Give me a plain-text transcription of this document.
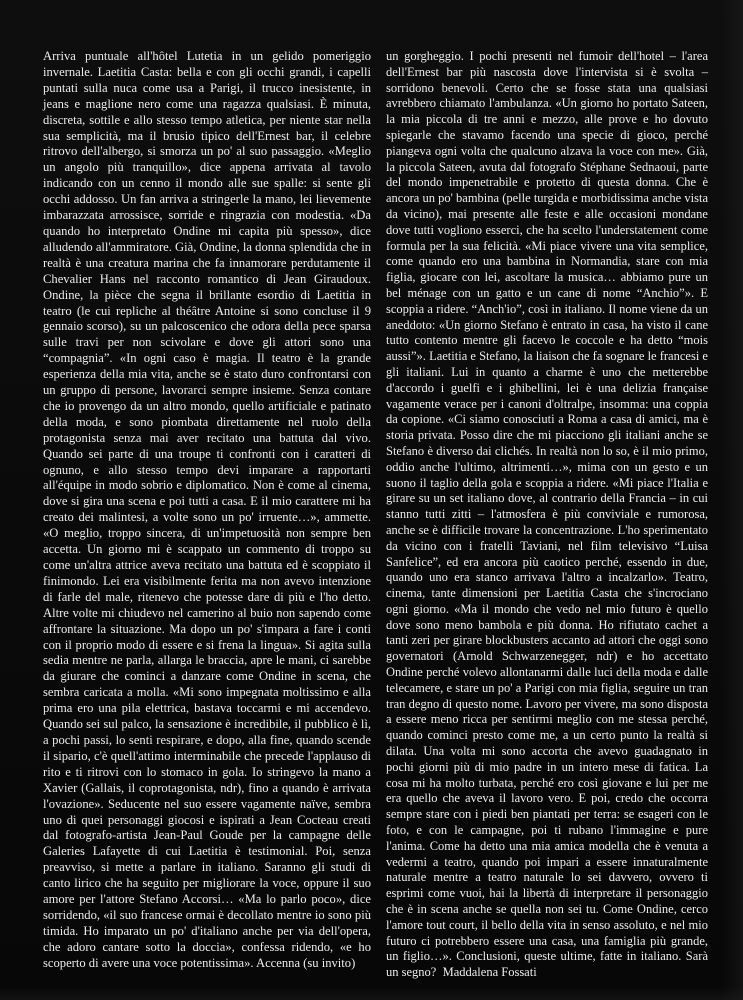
Arriva puntuale all'hôtel Lutetia in un gelido pomeriggio invernale. Laetitia Casta: bella e con gli occhi grandi, i capelli puntati sulla nuca come usa a Parigi, il trucco inesistente, in jeans e maglione nero come una ragazza qualsiasi. È minuta, discreta, sottile e allo stesso tempo atletica, per niente star nella sua semplicità, ma il brusio tipico dell'Ernest bar, il celebre ritrovo dell'albergo, si smorza un po' al suo passaggio. «Meglio un angolo più tranquillo», dice appena arrivata al tavolo indicando con un cenno il mondo alle sue spalle: si sente gli occhi addosso. Un fan arriva a stringerle la mano, lei lievemente imbarazzata arrossisce, sorride e ringrazia con modestia. «Da quando ho interpretato Ondine mi capita più spesso», dice alludendo all'ammiratore. Già, Ondine, la donna splendida che in realtà è una creatura marina che fa innamorare perdutamente il Chevalier Hans nel racconto romantico di Jean Giraudoux. Ondine, la pièce che segna il brillante esordio di Laetitia in teatro (le cui repliche al théâtre Antoine si sono concluse il 9 gennaio scorso), su un palcoscenico che odora della pece sparsa sulle travi per non scivolare e dove gli attori sono una “compagnia”. «In ogni caso è magia. Il teatro è la grande esperienza della mia vita, anche se è stato duro confrontarsi con un gruppo di persone, lavorarci sempre insieme. Senza contare che io provengo da un altro mondo, quello artificiale e patinato della moda, e sono piombata direttamente nel ruolo della protagonista senza mai aver recitato una battuta dal vivo. Quando sei parte di una troupe ti confronti con i caratteri di ognuno, e allo stesso tempo devi imparare a rapportarti all'équipe in modo sobrio e diplomatico. Non è come al cinema, dove si gira una scena e poi tutti a casa. E il mio carattere mi ha creato dei malintesi, a volte sono un po' irruente…», ammette. «O meglio, troppo sincera, di un'impetuosità non sempre ben accetta. Un giorno mi è scappato un commento di troppo su come un'altra attrice aveva recitato una battuta ed è scoppiato il finimondo. Lei era visibilmente ferita ma non avevo intenzione di farle del male, ritenevo che potesse dare di più e l'ho detto. Altre volte mi chiudevo nel camerino al buio non sapendo come affrontare la situazione. Ma dopo un po' s'impara a fare i conti con il proprio modo di essere e si frena la lingua». Si agita sulla sedia mentre ne parla, allarga le braccia, apre le mani, ci sarebbe da giurare che cominci a danzare come Ondine in scena, che sembra caricata a molla. «Mi sono impegnata moltissimo e alla prima ero una pila elettrica, bastava toccarmi e mi accendevo. Quando sei sul palco, la sensazione è incredibile, il pubblico è lì, a pochi passi, lo senti respirare, e dopo, alla fine, quando scende il sipario, c'è quell'attimo interminabile che precede l'applauso di rito e ti ritrovi con lo stomaco in gola. Io stringevo la mano a Xavier (Gallais, il coprotagonista, ndr), fino a quando è arrivata l'ovazione». Seducente nel suo essere vagamente naïve, sembra uno di quei personaggi giocosi e ispirati a Jean Cocteau creati dal fotografo-artista Jean-Paul Goude per la campagne delle Galeries Lafayette di cui Laetitia è testimonial. Poi, senza preavviso, si mette a parlare in italiano. Saranno gli studi di canto lirico che ha seguito per migliorare la voce, oppure il suo amore per l'attore Stefano Accorsi… «Ma lo parlo poco», dice sorridendo, «il suo francese ormai è decollato mentre io sono più timida. Ho imparato un po' d'italiano anche per via dell'opera, che adoro cantare sotto la doccia», confessa ridendo, «e ho scoperto di avere una voce potentissima». Accenna (su invito)

un gorgheggio. I pochi presenti nel fumoir dell'hotel – l'area dell'Ernest bar più nascosta dove l'intervista si è svolta – sorridono benevoli. Certo che se fosse stata una qualsiasi avrebbero chiamato l'ambulanza. «Un giorno ho portato Sateen, la mia piccola di tre anni e mezzo, alle prove e ho dovuto spiegarle che stavamo facendo una specie di gioco, perché piangeva ogni volta che qualcuno alzava la voce con me». Già, la piccola Sateen, avuta dal fotografo Stéphane Sednaoui, parte del mondo impenetrabile e protetto di questa donna. Che è ancora un po' bambina (pelle turgida e morbidissima anche vista da vicino), mai presente alle feste e alle occasioni mondane dove tutti vogliono esserci, che ha scelto l'understatement come formula per la sua felicità. «Mi piace vivere una vita semplice, come quando ero una bambina in Normandia, stare con mia figlia, giocare con lei, ascoltare la musica… abbiamo pure un bel ménage con un gatto e un cane di nome “Anchio”». E scoppia a ridere. “Anch'io”, così in italiano. Il nome viene da un aneddoto: «Un giorno Stefano è entrato in casa, ha visto il cane tutto contento mentre gli facevo le coccole e ha detto “mois aussi”». Laetitia e Stefano, la liaison che fa sognare le francesi e gli italiani. Lui in quanto a charme è uno che metterebbe d'accordo i guelfi e i ghibellini, lei è una delizia française vagamente verace per i canoni d'oltralpe, insomma: una coppia da copione. «Ci siamo conosciuti a Roma a casa di amici, ma è storia privata. Posso dire che mi piacciono gli italiani anche se Stefano è diverso dai clichés. In realtà non lo so, è il mio primo, oddio anche l'ultimo, altrimenti…», mima con un gesto e un suono il taglio della gola e scoppia a ridere. «Mi piace l'Italia e girare su un set italiano dove, al contrario della Francia – in cui stanno tutti zitti – l'atmosfera è più conviviale e rumorosa, anche se è difficile trovare la concentrazione. L'ho sperimentato da vicino con i fratelli Taviani, nel film televisivo “Luisa Sanfelice”, ed era ancora più caotico perché, essendo in due, quando uno era stanco arrivava l'altro a incalzarlo». Teatro, cinema, tante dimensioni per Laetitia Casta che s'incrociano ogni giorno. «Ma il mondo che vedo nel mio futuro è quello dove sono meno bambola e più donna. Ho rifiutato cachet a tanti zeri per girare blockbusters accanto ad attori che oggi sono governatori (Arnold Schwarzenegger, ndr) e ho accettato Ondine perché volevo allontanarmi dalle luci della moda e dalle telecamere, e stare un po' a Parigi con mia figlia, seguire un tran tran degno di questo nome. Lavoro per vivere, ma sono disposta a essere meno ricca per sentirmi meglio con me stessa perché, quando cominci presto come me, a un certo punto la realtà si dilata. Una volta mi sono accorta che avevo guadagnato in pochi giorni più di mio padre in un intero mese di fatica. La cosa mi ha molto turbata, perché ero così giovane e lui per me era quello che aveva il lavoro vero. E poi, credo che occorra sempre stare con i piedi ben piantati per terra: se esageri con le foto, e con le campagne, poi ti rubano l'immagine e pure l'anima. Come ha detto una mia amica modella che è venuta a vedermi a teatro, quando poi impari a essere innaturalmente naturale mentre a teatro naturale lo sei davvero, ovvero ti esprimi come vuoi, hai la libertà di interpretare il personaggio che è in scena anche se quella non sei tu. Come Ondine, cerco l'amore tout court, il bello della vita in senso assoluto, e nel mio futuro ci potrebbero essere una casa, una famiglia più grande, un figlio…». Conclusioni, queste ultime, fatte in italiano. Sarà un segno? Maddalena Fossati
